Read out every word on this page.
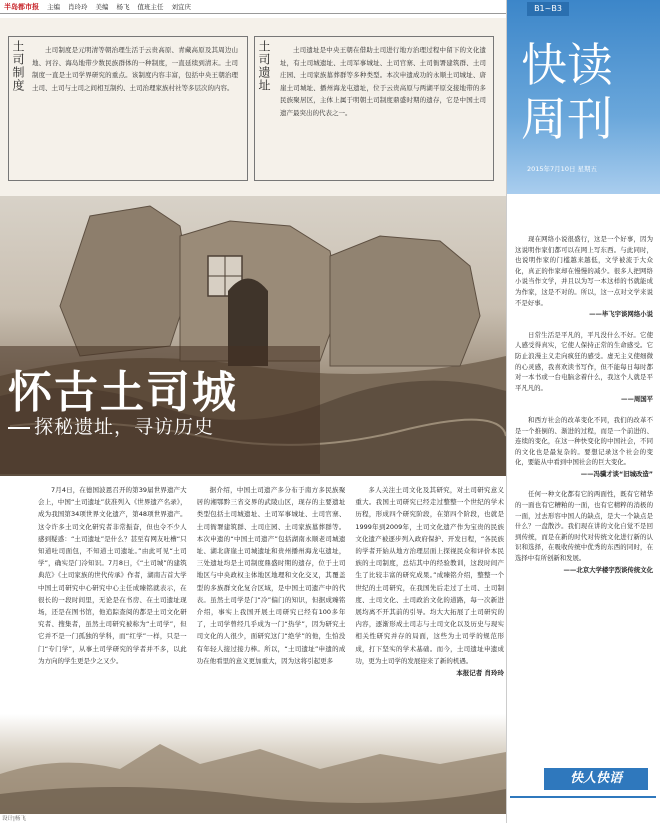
半岛都市报 主编 肖玲玲 美编 杨飞 值班主任 刘宜庆
土司制度	土司制度是元明清等朝治理生活于云贵高原、青藏高原及其周边山地、河谷、海岛地带少数民族群体的一种制度，一直延续到清末。土司制度一直是土司学界研究的重点。该制度内容丰富，包括中央王朝治理土司、土司与土司之间相互制约、土司治理家族村社等多层次的内容。	土司遗址	土司遗址是中央王朝在借助土司进行地方治理过程中留下的文化遗址，有土司城遗址、土司军事城址、土司官寨、土司衙署建筑群、土司庄园、土司家族墓葬群等多种类型。本次申遗成功的永顺土司城址、唐崖土司城址、播州海龙屯遗址，位于云贵高原与两湖平原交接地带的多民族聚居区，主体上属于明朝土司制度鼎盛时期的遗存，它是中国土司遗产最突出的代表之一。
怀古土司城
探秘遗址，寻访历史

7月4日，在德国波恩召开的第39届世界遗产大会上，中国“土司遗址”获准列入《世界遗产名录》，成为我国第34项世界文化遗产，第48项世界遗产。这令许多土司文化研究者非常振奋，但也令不少人感到疑惑：“土司遗址”是什么？甚至有网友吐槽“只知道吐司面包，不知道土司遗址。”由此可见“土司学”，确实是门冷知识。7月8日，《“土司城”的建筑典范》《土司家族的世代传承》作者，湖南吉首大学中国土司研究中心研究中心主任成臻铭就表示，在很长的一段时间里，无论是在书房、在土司遗址现场，还是在图书馆，他追踪查阅的都是土司文化研究者、搜集者，虽然土司研究被称为“土司学”，但它并不是一门孤独的学科，而“红学”一样，只是一门“专门学”，从事土司学研究的学者并不多，以此为方向的学生更是少之又少。

据介绍，中国土司遗产多分布于南方多民族聚居的湘鄂黔三省交界的武陵山区，现存的主要遗址类型包括土司城遗址、土司军事城址、土司官寨、土司衙署建筑群、土司庄园、土司家族墓葬群等。本次申遗的“中国土司遗产”包括湖南永顺老司城遗址、湖北唐崖土司城遗址和贵州播州海龙屯遗址，三处遗址均是土司制度鼎盛时期的遗存，位于土司地区与中央政权主体地区地理和文化交叉，其覆盖型的多族群文化复合区域，是中国土司遗产中的代表。虽然土司学是门“冷”偏门的知识，但据成臻铭介绍，事实上我国开展土司研究已经有100多年了，土司学曾经几乎成为一门“热学”，因为研究土司文化的人很少，面研究这门“绝学”的他，生怕没有年轻人接过接力棒。所以，“土司遗址”申遗的成功在他看里的意义更加重大，因为这将引起更多

多人关注土司文化及其研究，对土司研究意义重大。我国土司研究已经走过整整一个世纪的学术历程，形成四个研究阶段，在第四个阶段，也就是1999年到2009年，土司文化遗产作为宝贵的民族文化遗产被逐步列入政府保护、开发日程，“各民族的学者开始从地方治理层面上探视民众和评价本民族的土司制度，总结其中的经验教训，这段时间产生了比较丰富的研究成果。”成臻铭介绍，整整一个世纪的土司研究，在我国先后走过了土司、土司制度、土司文化、土司政治文化的道路，每一次新进展均离不开其前的引导。均大大拓展了土司研究的内容，逐渐形成土司志与土司文化以及历史与现实相关性研究并存的局面，这些为土司学的规范形成，打下坚实的学术基础。而今，土司遗址申遗成功，更为土司学的发展迎来了新的机遇。

本报记者 肖玲玲
设计|杨飞
B1~B3
快读
周刊
2015年7月10日 星期五

现在网络小说很盛行，这是一个好事，因为这说明作家们都可以在网上写东西。与此同时，也说明作家的门槛越来越低，文学被流于大众化，真正的作家却在慢慢的减少。很多人把网络小说当作文学，并且以为写一本这样的书就能成为作家，这是不对的。所以，这一点对文学来说不是好事。

——毕飞宇谈网络小说

日常生活是平凡的，平凡没什么不好。它使人感受得真实，它使人保持正常的生命感受。它防止浪漫主义走向疯狂的感受。虚无主义使细微的心灵感，我喜欢读书写作，但不能每日每时都对一本书或一台电脑念着什么，我这个人就是平平凡凡的。

——周国平

和西方社会的改革变化不同，我们的改革不是一个推倒的、渐进的过程，而是一个前进的、连续的变化，在这一种快变化的中国社会，不同的文化也是最复杂的。要想记录这个社会的变化，要能从中看到中国社会的巨大变化。

——冯骥才谈“旧城改造”

任何一种文化都有它的两面性，既有它精华的一面也有它糟粕的一面，也有它精粹的消极的一面，过去形容中国人的缺点，是大一个缺点是什么？一盘散沙。我们现在讲的文化自觉不是回到传统，而是在新的时代对传统文化进行新的认识和选择，在吸收传统中优秀的东西的同时，在选择中有所创新和发展。

——北京大学楼宇烈谈传统文化
快人快语
